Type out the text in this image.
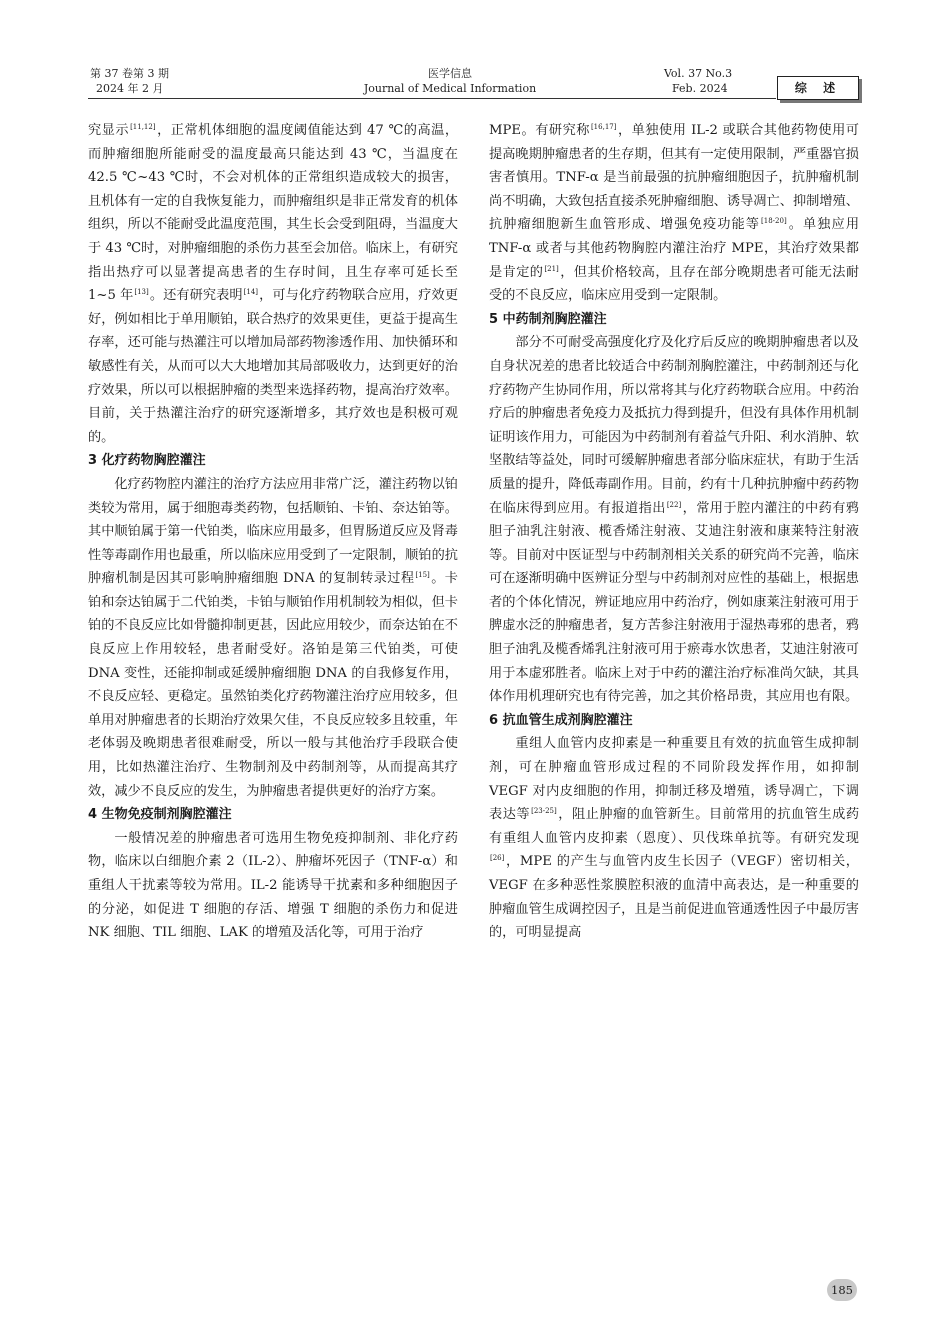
第 37 卷第 3 期
2024 年 2 月
医学信息
Journal of Medical Information
Vol. 37 No.3
Feb. 2024	综 述

究显示[11,12]，正常机体细胞的温度阈值能达到 47 ℃的高温，而肿瘤细胞所能耐受的温度最高只能达到 43 ℃，当温度在 42.5 ℃~43 ℃时，不会对机体的正常组织造成较大的损害，且机体有一定的自我恢复能力，而肿瘤组织是非正常发育的机体组织，所以不能耐受此温度范围，其生长会受到阻碍，当温度大于 43 ℃时，对肿瘤细胞的杀伤力甚至会加倍。临床上，有研究指出热疗可以显著提高患者的生存时间，且生存率可延长至 1~5 年[13]。还有研究表明[14]，可与化疗药物联合应用，疗效更好，例如相比于单用顺铂，联合热疗的效果更佳，更益于提高生存率，还可能与热灌注可以增加局部药物渗透作用、加快循环和敏感性有关，从而可以大大地增加其局部吸收力，达到更好的治疗效果，所以可以根据肿瘤的类型来选择药物，提高治疗效率。目前，关于热灌注治疗的研究逐渐增多，其疗效也是积极可观的。

3 化疗药物胸腔灌注

化疗药物腔内灌注的治疗方法应用非常广泛，灌注药物以铂类较为常用，属于细胞毒类药物，包括顺铂、卡铂、奈达铂等。其中顺铂属于第一代铂类，临床应用最多，但胃肠道反应及肾毒性等毒副作用也最重，所以临床应用受到了一定限制，顺铂的抗肿瘤机制是因其可影响肿瘤细胞 DNA 的复制转录过程[15]。卡铂和奈达铂属于二代铂类，卡铂与顺铂作用机制较为相似，但卡铂的不良反应比如骨髓抑制更甚，因此应用较少，而奈达铂在不良反应上作用较轻，患者耐受好。洛铂是第三代铂类，可使 DNA 变性，还能抑制或延缓肿瘤细胞 DNA 的自我修复作用，不良反应轻、更稳定。虽然铂类化疗药物灌注治疗应用较多，但单用对肿瘤患者的长期治疗效果欠佳，不良反应较多且较重，年老体弱及晚期患者很难耐受，所以一般与其他治疗手段联合使用，比如热灌注治疗、生物制剂及中药制剂等，从而提高其疗效，减少不良反应的发生，为肿瘤患者提供更好的治疗方案。

4 生物免疫制剂胸腔灌注

一般情况差的肿瘤患者可选用生物免疫抑制剂、非化疗药物，临床以白细胞介素 2（IL-2）、肿瘤坏死因子（TNF-α）和重组人干扰素等较为常用。IL-2 能诱导干扰素和多种细胞因子的分泌，如促进 T 细胞的存活、增强 T 细胞的杀伤力和促进 NK 细胞、TIL 细胞、LAK 的增殖及活化等，可用于治疗

MPE。有研究称[16,17]，单独使用 IL-2 或联合其他药物使用可提高晚期肿瘤患者的生存期，但其有一定使用限制，严重器官损害者慎用。TNF-α 是当前最强的抗肿瘤细胞因子，抗肿瘤机制尚不明确，大致包括直接杀死肿瘤细胞、诱导凋亡、抑制增殖、抗肿瘤细胞新生血管形成、增强免疫功能等[18-20]。单独应用 TNF-α 或者与其他药物胸腔内灌注治疗 MPE，其治疗效果都是肯定的[21]，但其价格较高，且存在部分晚期患者可能无法耐受的不良反应，临床应用受到一定限制。

5 中药制剂胸腔灌注

部分不可耐受高强度化疗及化疗后反应的晚期肿瘤患者以及自身状况差的患者比较适合中药制剂胸腔灌注，中药制剂还与化疗药物产生协同作用，所以常将其与化疗药物联合应用。中药治疗后的肿瘤患者免疫力及抵抗力得到提升，但没有具体作用机制证明该作用力，可能因为中药制剂有着益气升阳、利水消肿、软坚散结等益处，同时可缓解肿瘤患者部分临床症状，有助于生活质量的提升，降低毒副作用。目前，约有十几种抗肿瘤中药药物在临床得到应用。有报道指出[22]，常用于腔内灌注的中药有鸦胆子油乳注射液、榄香烯注射液、艾迪注射液和康莱特注射液等。目前对中医证型与中药制剂相关关系的研究尚不完善，临床可在逐渐明确中医辨证分型与中药制剂对应性的基础上，根据患者的个体化情况，辨证地应用中药治疗，例如康莱注射液可用于脾虚水泛的肿瘤患者，复方苦参注射液用于湿热毒邪的患者，鸦胆子油乳及榄香烯乳注射液可用于瘀毒水饮患者，艾迪注射液可用于本虚邪胜者。临床上对于中药的灌注治疗标准尚欠缺，其具体作用机理研究也有待完善，加之其价格昂贵，其应用也有限。

6 抗血管生成剂胸腔灌注

重组人血管内皮抑素是一种重要且有效的抗血管生成抑制剂，可在肿瘤血管形成过程的不同阶段发挥作用，如抑制 VEGF 对内皮细胞的作用，抑制迁移及增殖，诱导凋亡，下调表达等[23-25]，阻止肿瘤的血管新生。目前常用的抗血管生成药有重组人血管内皮抑素（恩度）、贝伐珠单抗等。有研究发现[26]，MPE 的产生与血管内皮生长因子（VEGF）密切相关，VEGF 在多种恶性浆膜腔积液的血清中高表达，是一种重要的肿瘤血管生成调控因子，且是当前促进血管通透性因子中最厉害的，可明显提高

185
